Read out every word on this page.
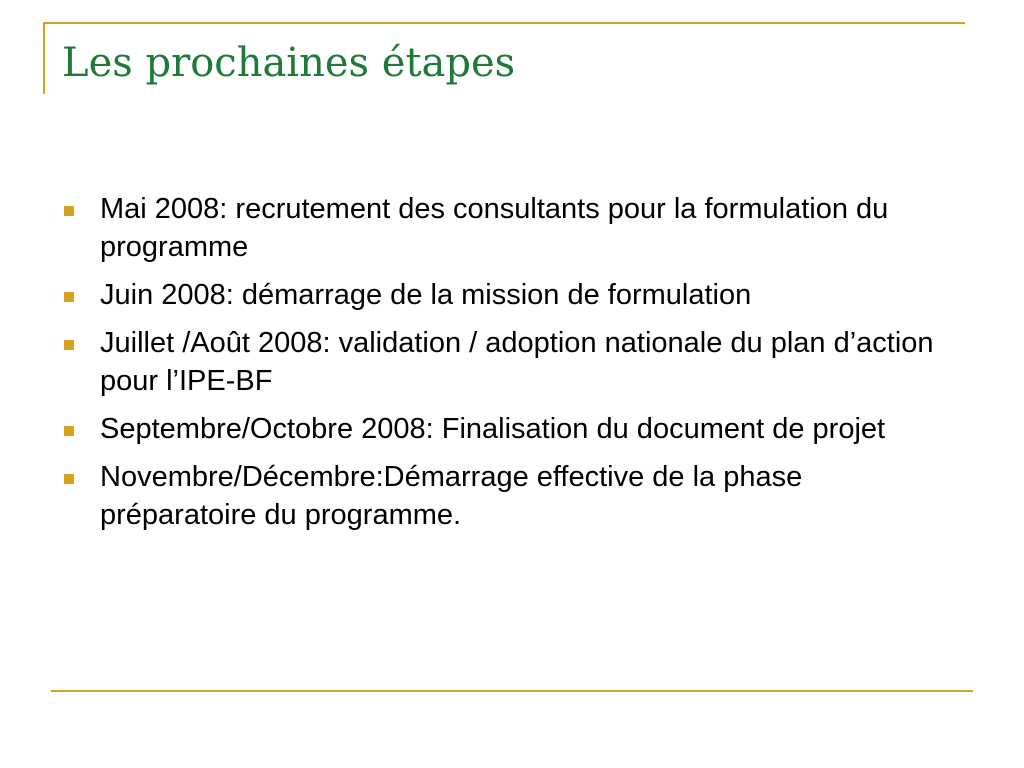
Les prochaines étapes
Mai 2008: recrutement des consultants pour la formulation du programme
Juin 2008: démarrage de la mission de formulation
Juillet /Août 2008: validation / adoption nationale du plan d’action pour l’IPE-BF
Septembre/Octobre 2008: Finalisation du document de projet
Novembre/Décembre:Démarrage effective de la phase préparatoire du programme.
